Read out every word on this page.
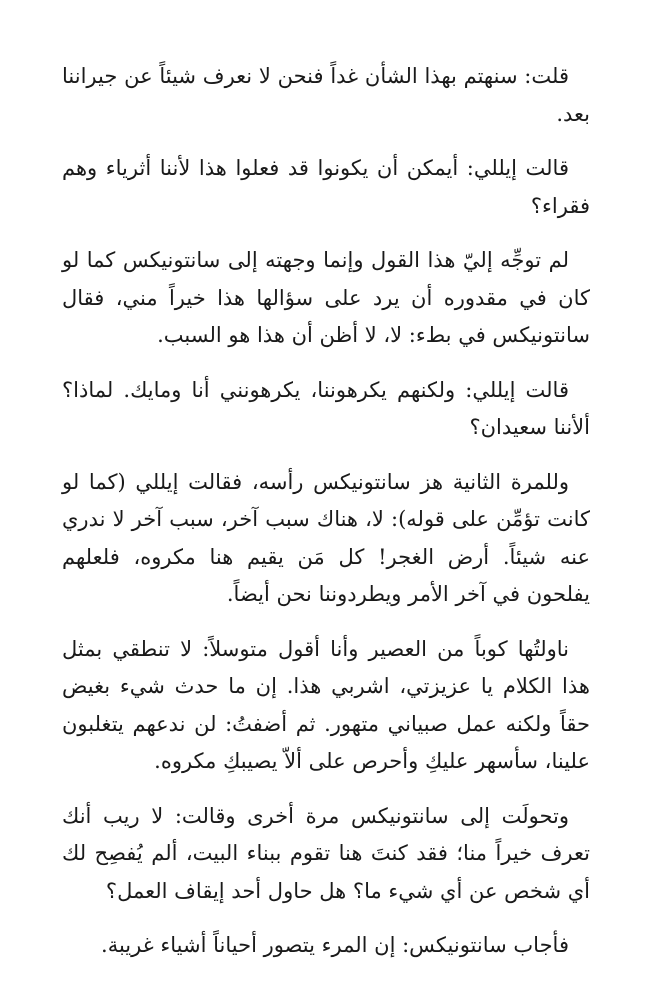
قلت: سنهتم بهذا الشأن غداً فنحن لا نعرف شيئاً عن جيراننا بعد.

قالت إيللي: أيمكن أن يكونوا قد فعلوا هذا لأننا أثرياء وهم فقراء؟

لم توجِّه إليّ هذا القول وإنما وجهته إلى سانتونيكس كما لو كان في مقدوره أن يرد على سؤالها هذا خيراً مني، فقال سانتونيكس في بطء: لا، لا أظن أن هذا هو السبب.

قالت إيللي: ولكنهم يكرهوننا، يكرهونني أنا ومايك. لماذا؟ ألأننا سعيدان؟

وللمرة الثانية هز سانتونيكس رأسه، فقالت إيللي (كما لو كانت تؤمِّن على قوله): لا، هناك سبب آخر، سبب آخر لا ندري عنه شيئاً. أرض الغجر! كل مَن يقيم هنا مكروه، فلعلهم يفلحون في آخر الأمر ويطردوننا نحن أيضاً.

ناولتُها كوباً من العصير وأنا أقول متوسلاً: لا تنطقي بمثل هذا الكلام يا عزيزتي، اشربي هذا. إن ما حدث شيء بغيض حقاً ولكنه عمل صبياني متهور. ثم أضفتُ: لن ندعهم يتغلبون علينا، سأسهر عليكِ وأحرص على ألاّ يصيبكِ مكروه.

وتحولَت إلى سانتونيكس مرة أخرى وقالت: لا ريب أنك تعرف خيراً منا؛ فقد كنتَ هنا تقوم ببناء البيت، ألم يُفصِح لك أي شخص عن أي شيء ما؟ هل حاول أحد إيقاف العمل؟

فأجاب سانتونيكس: إن المرء يتصور أحياناً أشياء غريبة.
